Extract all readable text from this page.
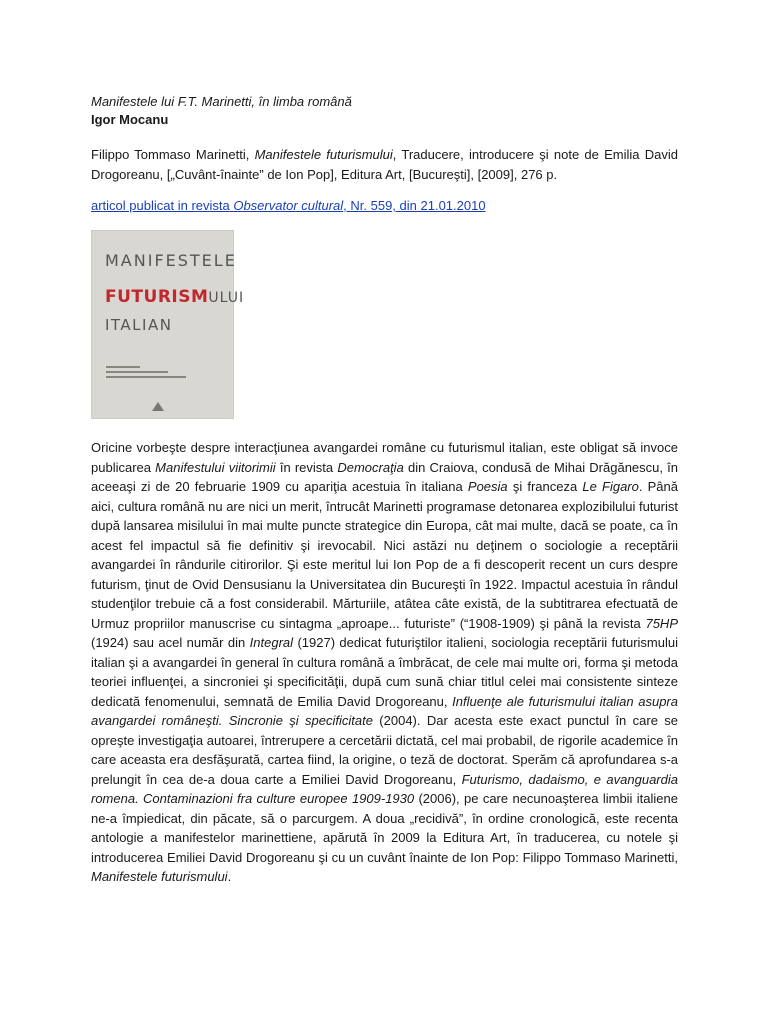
Manifestele lui F.T. Marinetti, în limba română
Igor Mocanu
Filippo Tommaso Marinetti, Manifestele futurismului, Traducere, introducere şi note de Emilia David Drogoreanu, [„Cuvânt-înainte” de Ion Pop], Editura Art, [Bucureşti], [2009], 276 p.
articol publicat in revista Observator cultural, Nr. 559, din 21.01.2010
MANIFESTELE
FUTURISMULUI
ITALIAN
Oricine vorbeşte despre interacţiunea avangardei române cu futurismul italian, este obligat să invoce publicarea Manifestului viitorimii în revista Democraţia din Craiova, condusă de Mihai Drăgănescu, în aceeaşi zi de 20 februarie 1909 cu apariţia acestuia în italiana Poesia şi franceza Le Figaro. Până aici, cultura română nu are nici un merit, întrucât Marinetti programase detonarea explozibilului futurist după lansarea misilului în mai multe puncte strategice din Europa, cât mai multe, dacă se poate, ca în acest fel impactul să fie definitiv şi irevocabil. Nici astăzi nu deţinem o sociologie a receptării avangardei în rândurile citirorilor. Şi este meritul lui Ion Pop de a fi descoperit recent un curs despre futurism, ţinut de Ovid Densusianu la Universitatea din Bucureşti în 1922. Impactul acestuia în rândul studenţilor trebuie că a fost considerabil. Mărturiile, atâtea câte există, de la subtitrarea efectuată de Urmuz propriilor manuscrise cu sintagma „aproape... futuriste” (“1908-1909) şi până la revista 75HP (1924) sau acel număr din Integral (1927) dedicat futuriştilor italieni, sociologia receptării futurismului italian şi a avangardei în general în cultura română a îmbrăcat, de cele mai multe ori, forma şi metoda teoriei influenţei, a sincroniei şi specificităţii, după cum sună chiar titlul celei mai consistente sinteze dedicată fenomenului, semnată de Emilia David Drogoreanu, Influenţe ale futurismului italian asupra avangardei româneşti. Sincronie şi specificitate (2004). Dar acesta este exact punctul în care se opreşte investigaţia autoarei, întrerupere a cercetării dictată, cel mai probabil, de rigorile academice în care aceasta era desfăşurată, cartea fiind, la origine, o teză de doctorat. Sperăm că aprofundarea s-a prelungit în cea de-a doua carte a Emiliei David Drogoreanu, Futurismo, dadaismo, e avanguardia romena. Contaminazioni fra culture europee 1909-1930 (2006), pe care necunoaşterea limbii italiene ne-a împiedicat, din păcate, să o parcurgem. A doua „recidivă”, în ordine cronologică, este recenta antologie a manifestelor marinettiene, apărută în 2009 la Editura Art, în traducerea, cu notele şi introducerea Emiliei David Drogoreanu şi cu un cuvânt înainte de Ion Pop: Filippo Tommaso Marinetti, Manifestele futurismului.
